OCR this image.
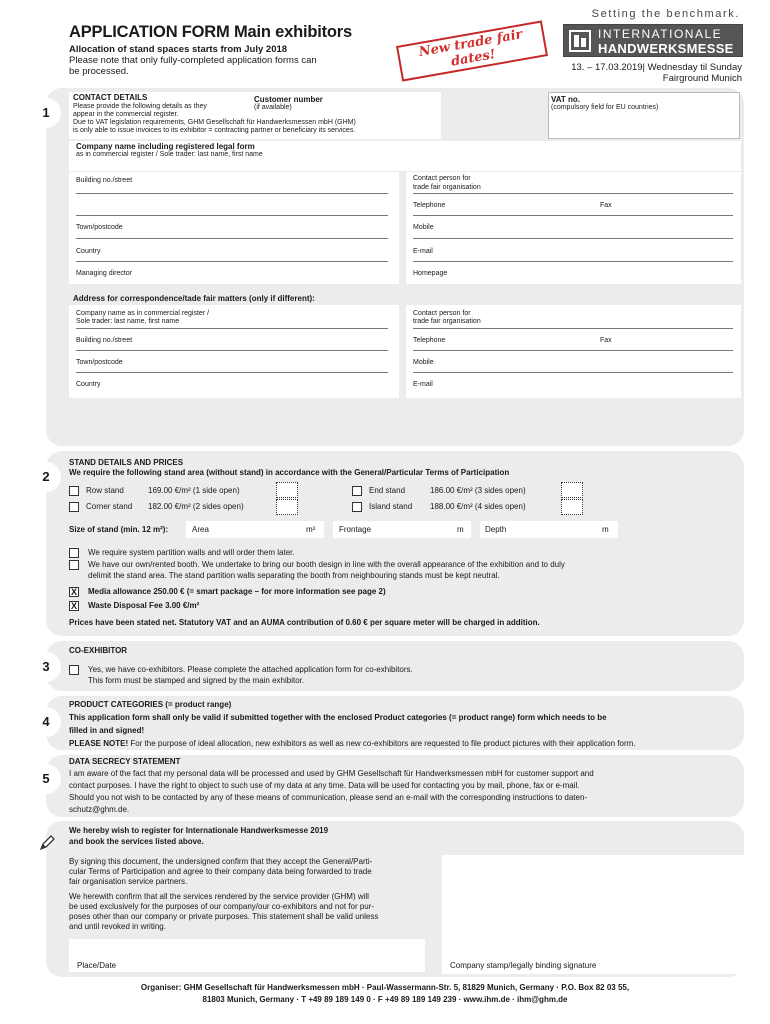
APPLICATION FORM Main exhibitors
Allocation of stand spaces starts from July 2018
Please note that only fully-completed application forms can
be processed.
Setting the benchmark.
INTERNATIONALE
HANDWERKSMESSE
13. – 17.03.2019| Wednesday til Sunday
Fairground Munich
New trade fair dates!
1
CONTACT DETAILS
Please provide the following details as they
appear in the commercial register.
Due to VAT legislation requirements, GHM Gesellschaft für Handwerksmessen mbH (GHM)
is only able to issue invoices to its exhibitor = contracting partner or beneficiary its services.
Customer number
(if available)
VAT no.
(compulsory field for EU countries)
Company name including registered legal form
as in commercial register / Sole trader: last name, first name
Building no./street
Town/postcode
Country
Managing director
Contact person for
trade fair organisation
Telephone	Fax
Mobile
E-mail
Homepage
Address for correspondence/tade fair matters (only if different):
Company name as in commercial register /
Sole trader: last name, first name
Building no./street
Town/postcode
Country
Contact person for
trade fair organisation
Telephone	Fax
Mobile
E-mail
2
STAND DETAILS AND PRICES
We require the following stand area (without stand) in accordance with the General/Particular Terms of Participation
Row stand	169.00 €/m² (1 side open)	End stand	186.00 €/m² (3 sides open)
Corner stand 182.00 €/m² (2 sides open)	Island stand 188.00 €/m² (4 sides open)
Size of stand (min. 12 m²):	Area	m²	Frontage	m	Depth	m
We require system partition walls and will order them later.
We have our own/rented booth. We undertake to bring our booth design in line with the overall appearance of the exhibition and to duly
delimit the stand area. The stand partition walls separating the booth from neighbouring stands must be kept neutral.
X Media allowance 250.00 € (= smart package – for more information see page 2)
X Waste Disposal Fee 3.00 €/m²
Prices have been stated net. Statutory VAT and an AUMA contribution of 0.60 € per square meter will be charged in addition.
3
CO-EXHIBITOR
Yes, we have co-exhibitors. Please complete the attached application form for co-exhibitors.
This form must be stamped and signed by the main exhibitor.
4
PRODUCT CATEGORIES (= product range)
This application form shall only be valid if submitted together with the enclosed Product categories (= product range) form which needs to be
filled in and signed!
PLEASE NOTE! For the purpose of ideal allocation, new exhibitors as well as new co-exhibitors are requested to file product pictures with their application form.
5
DATA SECRECY STATEMENT
I am aware of the fact that my personal data will be processed and used by GHM Gesellschaft für Handwerksmessen mbH for customer support and
contact purposes. I have the right to object to such use of my data at any time. Data will be used for contacting you by mail, phone, fax or e-mail.
Should you not wish to be contacted by any of these means of communication, please send an e-mail with the corresponding instructions to daten-
schutz@ghm.de.
We hereby wish to register for Internationale Handwerksmesse 2019
and book the services listed above.
By signing this document, the undersigned confirm that they accept the General/Parti-
cular Terms of Participation and agree to their company data being forwarded to trade
fair organisation service partners.
We herewith confirm that all the services rendered by the service provider (GHM) will
be used exclusively for the purposes of our company/our co-exhibitors and not for pur-
poses other than our company or private purposes. This statement shall be valid unless
and until revoked in writing.
Place/Date	Company stamp/legally binding signature
Organiser: GHM Gesellschaft für Handwerksmessen mbH · Paul-Wassermann-Str. 5, 81829 Munich, Germany · P.O. Box 82 03 55,
81803 Munich, Germany · T +49 89 189 149 0 · F +49 89 189 149 239 · www.ihm.de · ihm@ghm.de
